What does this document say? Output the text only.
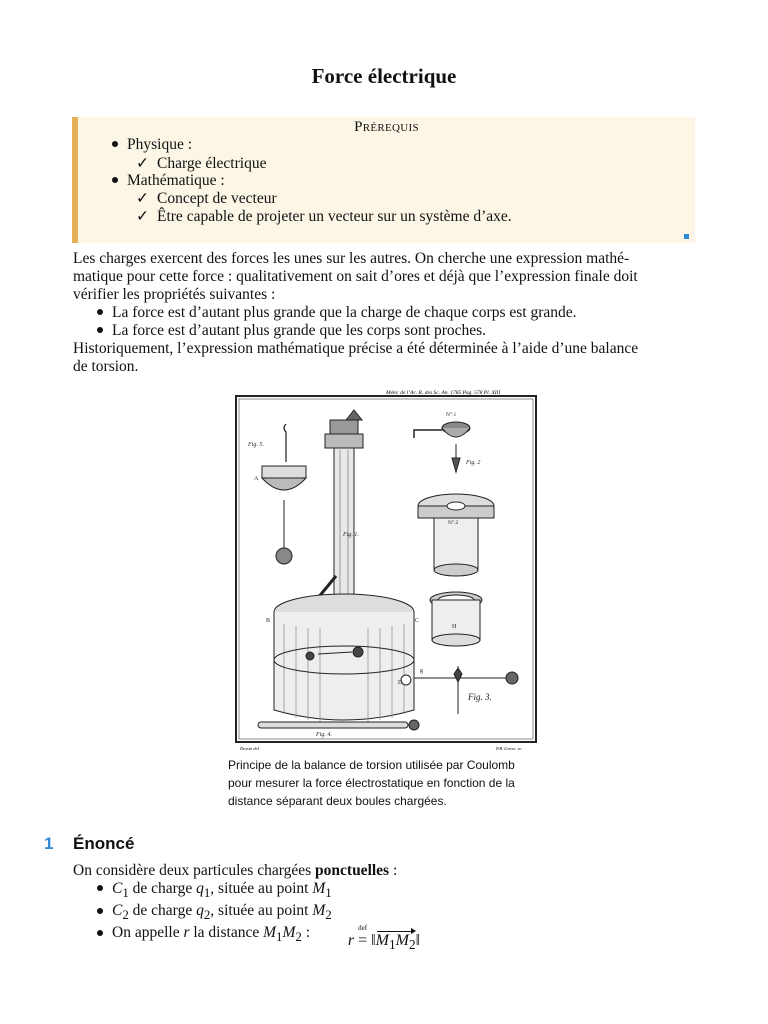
Force électrique
Prérequis
Physique :
✓ Charge électrique
Mathématique :
✓ Concept de vecteur
✓ Être capable de projeter un vecteur sur un système d’axe.
Les charges exercent des forces les unes sur les autres. On cherche une expression mathé-
matique pour cette force : qualitativement on sait d’ores et déjà que l’expression finale doit
vérifier les propriétés suivantes :
La force est d’autant plus grande que la charge de chaque corps est grande.
La force est d’autant plus grande que les corps sont proches.
Historiquement, l’expression mathématique précise a été déterminée à l’aide d’une balance
de torsion.
Mém: de l’Ac. R. des Sc. An. 1785 Pag. 578 Pl. XIII
Fig. 5.
A
Fig. 1.
B	C
D
N°.1
Fig. 2
N°.2
H
Fig. 3.
g
Fig. 4.
Dessin del.	P.B. Grave. sc.
Principe de la balance de torsion utilisée par Coulomb
pour mesurer la force électrostatique en fonction de la
distance séparant deux boules chargées.
1 Énoncé
On considère deux particules chargées ponctuelles :
$C_1$ de charge $q_1$, située au point $M_1$
$C_2$ de charge $q_2$, située au point $M_2$
On appelle r la distance $M_1M_2$ :	r
def
= $‖M_1M_2‖$
